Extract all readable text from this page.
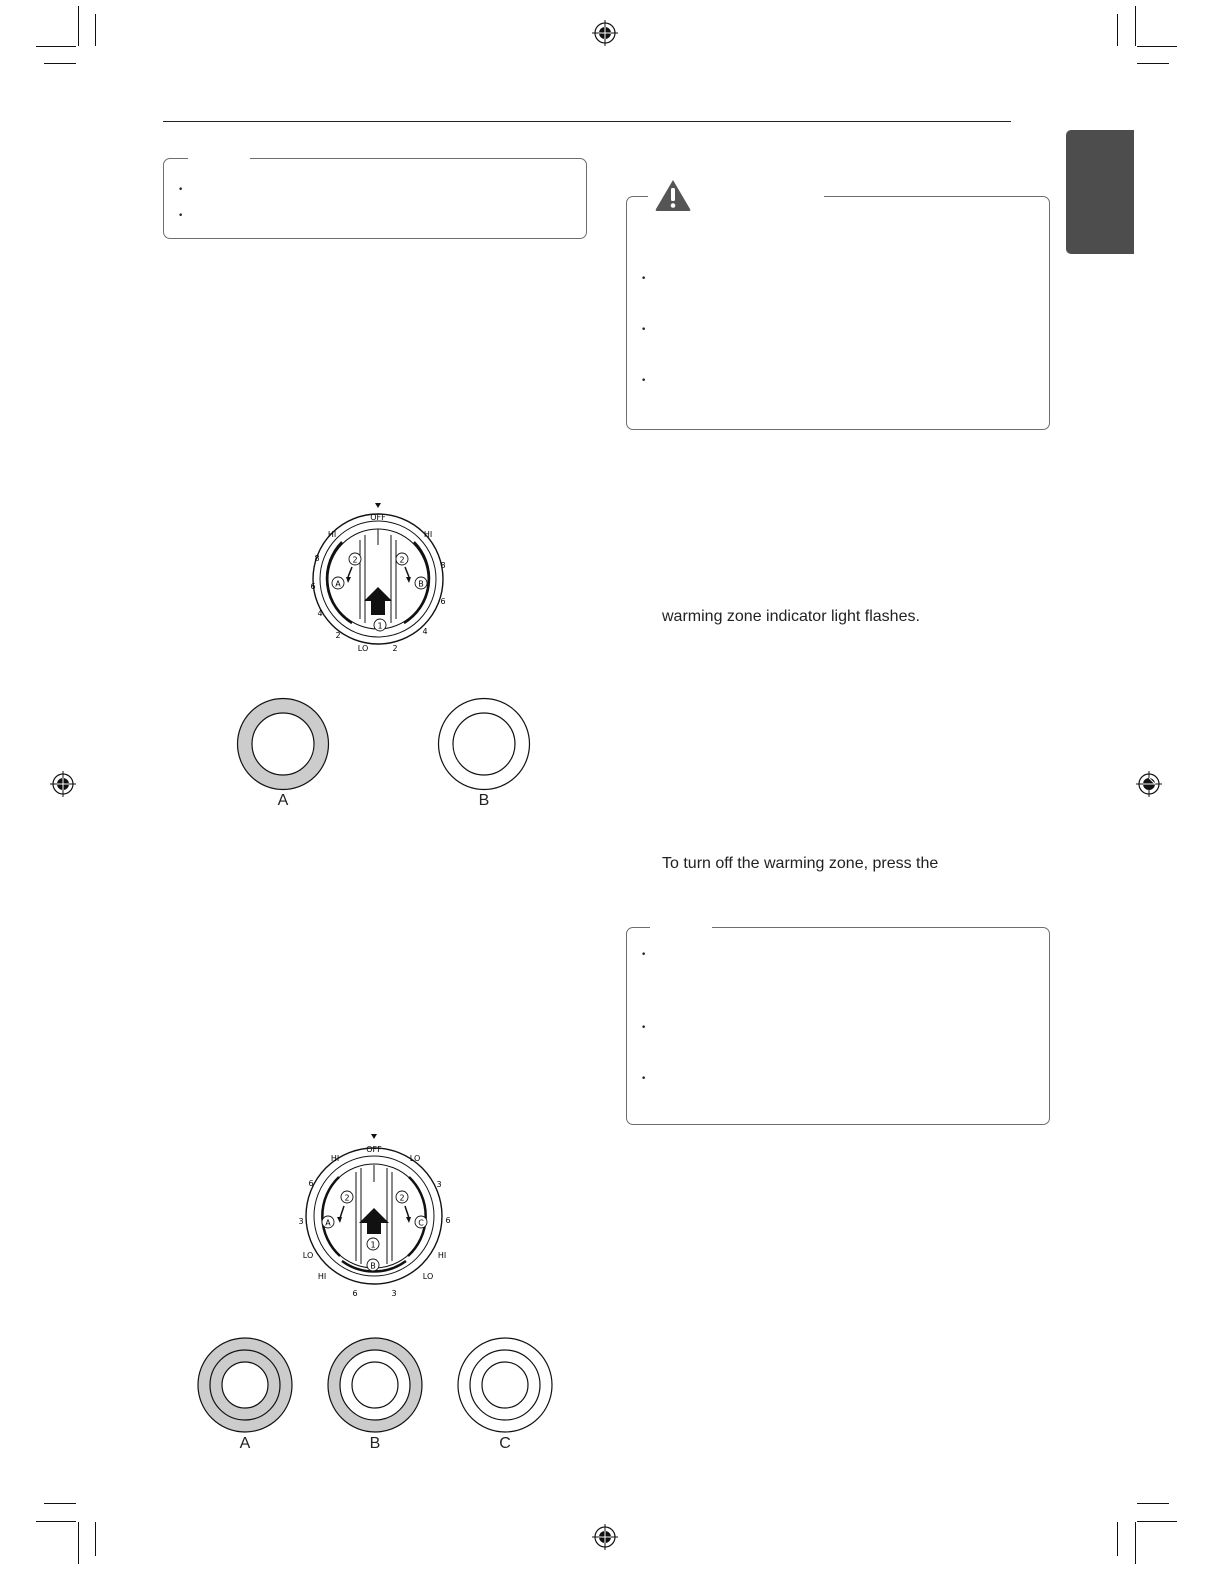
•
•
•
•
•
warming zone indicator light flashes.
To turn off the warming zone, press the
•
•
•
OFF
HI
8
6
4
2
LO
HI
8
6
4
2
2	2
A	B
1
A	B
OFF
HI
6
3
LO
LO
3
6
HI
HI
6	3
LO
2	2
A	C
1
B
A	B	C
